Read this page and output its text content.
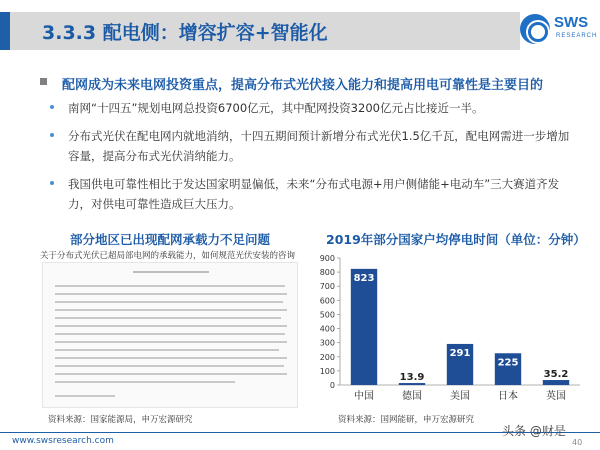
3.3.3 配电侧：增容扩容+智能化	SWS
RESEARCH
配网成为未来电网投资重点，提高分布式光伏接入能力和提高用电可靠性是主要目的
南网“十四五”规划电网总投资6700亿元，其中配网投资3200亿元占比接近一半。
分布式光伏在配电网内就地消纳，十四五期间预计新增分布式光伏1.5亿千瓦，配电网需进一步增加容量，提高分布式光伏消纳能力。
我国供电可靠性相比于发达国家明显偏低，未来“分布式电源+用户侧储能+电动车”三大赛道齐发力，对供电可靠性造成巨大压力。
部分地区已出现配网承载力不足问题
关于分布式光伏已超局部电网的承载能力，如何规范光伏安装的咨询
资料来源：国家能源局，申万宏源研究
2019年部分国家户均停电时间（单位：分钟）
0
100
200
300
400
500
600
700
800
900
823
中国
13.9
德国
291
美国
225
日本
35.2
英国
资料来源：国网能研，申万宏源研究
www.swsresearch.com
头条 @财是
40
